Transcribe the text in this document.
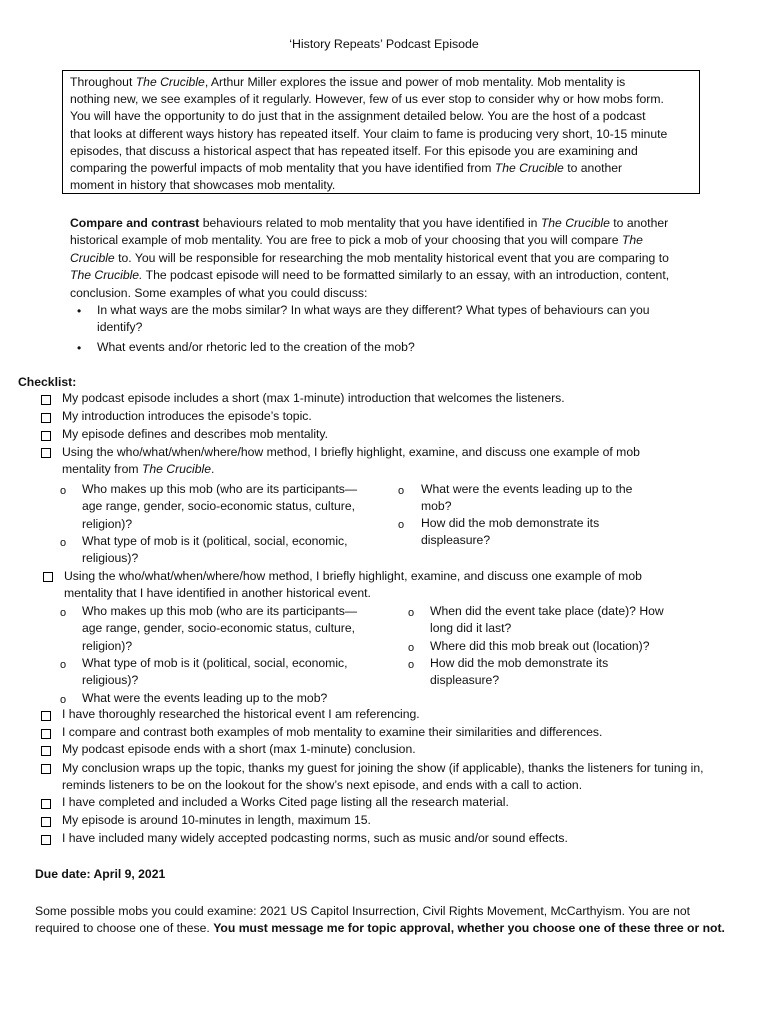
‘History Repeats’ Podcast Episode
Throughout The Crucible, Arthur Miller explores the issue and power of mob mentality. Mob mentality is
nothing new, we see examples of it regularly. However, few of us ever stop to consider why or how mobs form.
You will have the opportunity to do just that in the assignment detailed below. You are the host of a podcast
that looks at different ways history has repeated itself. Your claim to fame is producing very short, 10-15 minute
episodes, that discuss a historical aspect that has repeated itself. For this episode you are examining and
comparing the powerful impacts of mob mentality that you have identified from The Crucible to another
moment in history that showcases mob mentality.
Compare and contrast behaviours related to mob mentality that you have identified in The Crucible to another
historical example of mob mentality. You are free to pick a mob of your choosing that you will compare The
Crucible to. You will be responsible for researching the mob mentality historical event that you are comparing to
The Crucible. The podcast episode will need to be formatted similarly to an essay, with an introduction, content,
conclusion. Some examples of what you could discuss:
• In what ways are the mobs similar? In what ways are they different? What types of behaviours can you
identify?
• What events and/or rhetoric led to the creation of the mob?
Checklist:
My podcast episode includes a short (max 1-minute) introduction that welcomes the listeners.
My introduction introduces the episode’s topic.
My episode defines and describes mob mentality.
Using the who/what/when/where/how method, I briefly highlight, examine, and discuss one example of mob
mentality from The Crucible.
o Who makes up this mob (who are its participants—
age range, gender, socio-economic status, culture,
religion)?
o What type of mob is it (political, social, economic,
religious)?
o What were the events leading up to the
mob?
o How did the mob demonstrate its
displeasure?
Using the who/what/when/where/how method, I briefly highlight, examine, and discuss one example of mob
mentality that I have identified in another historical event.
o Who makes up this mob (who are its participants—
age range, gender, socio-economic status, culture,
religion)?
o What type of mob is it (political, social, economic,
religious)?
o What were the events leading up to the mob?
o When did the event take place (date)? How
long did it last?
o Where did this mob break out (location)?
o How did the mob demonstrate its
displeasure?
I have thoroughly researched the historical event I am referencing.
I compare and contrast both examples of mob mentality to examine their similarities and differences.
My podcast episode ends with a short (max 1-minute) conclusion.
My conclusion wraps up the topic, thanks my guest for joining the show (if applicable), thanks the listeners for tuning in,
reminds listeners to be on the lookout for the show’s next episode, and ends with a call to action.
I have completed and included a Works Cited page listing all the research material.
My episode is around 10-minutes in length, maximum 15.
I have included many widely accepted podcasting norms, such as music and/or sound effects.
Due date: April 9, 2021
Some possible mobs you could examine: 2021 US Capitol Insurrection, Civil Rights Movement, McCarthyism. You are not
required to choose one of these. You must message me for topic approval, whether you choose one of these three or not.
